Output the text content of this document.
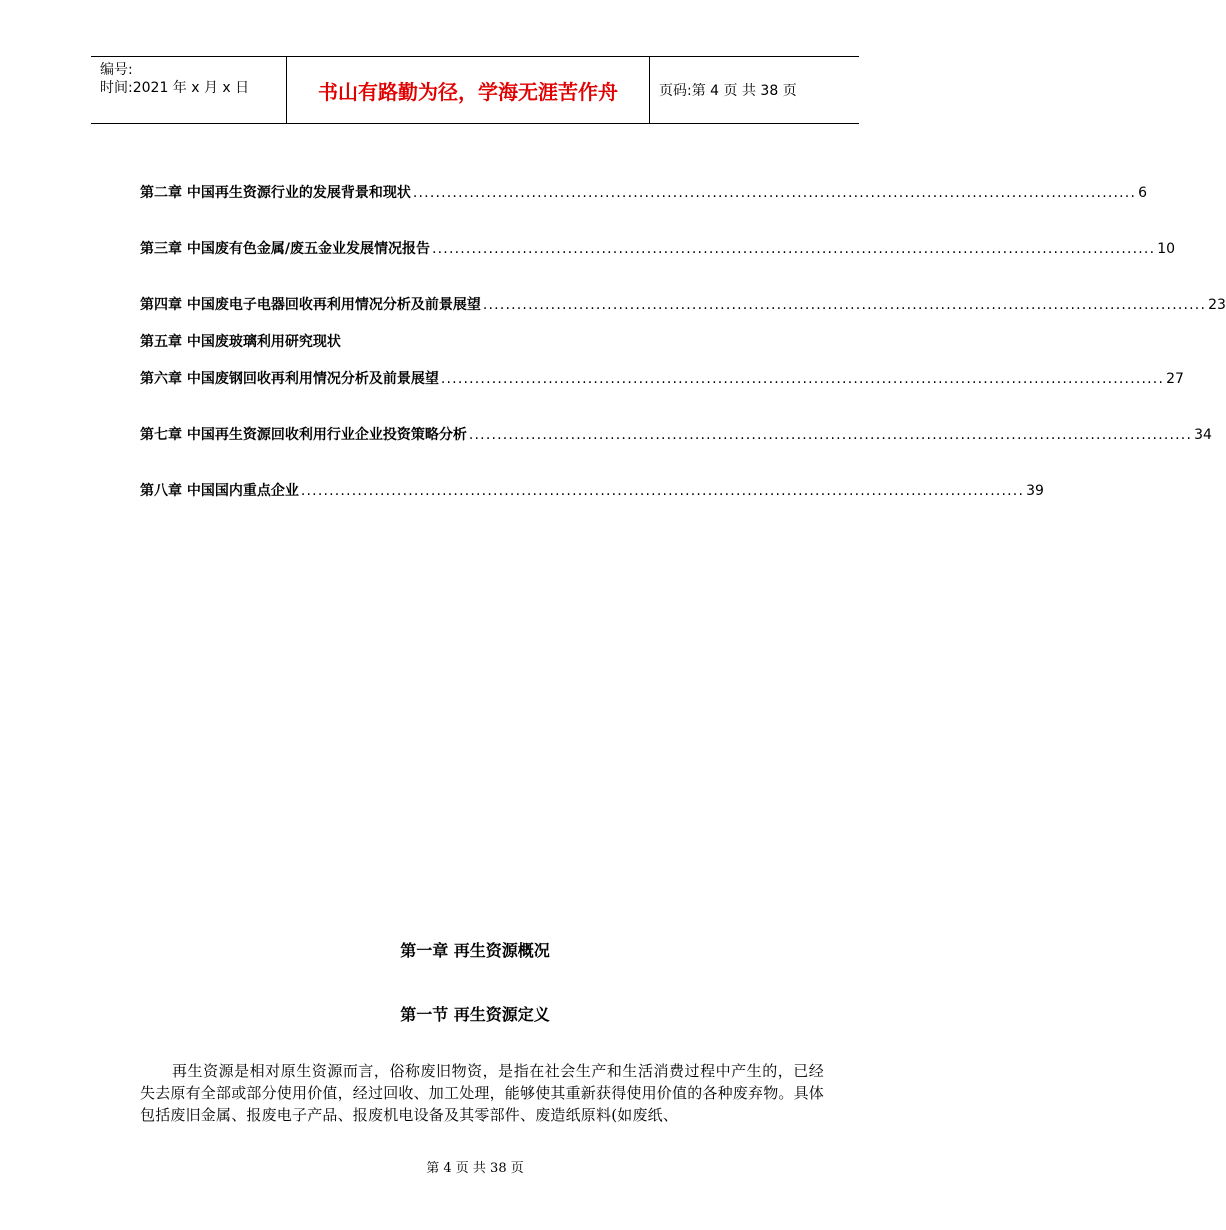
编号:
时间:2021 年 x 月 x 日	书山有路勤为径，学海无涯苦作舟	页码:第 4 页 共 38 页
第二章 中国再生资源行业的发展背景和现状 ................................................................................................................................ 6
第三章 中国废有色金属/废五金业发展情况报告 ................................................................................................................................ 10
第四章 中国废电子电器回收再利用情况分析及前景展望 ................................................................................................................................ 23
第五章 中国废玻璃利用研究现状
第六章 中国废钢回收再利用情况分析及前景展望 ................................................................................................................................ 27
第七章 中国再生资源回收利用行业企业投资策略分析 ................................................................................................................................ 34
第八章 中国国内重点企业 ................................................................................................................................ 39
第一章 再生资源概况
第一节 再生资源定义
再生资源是相对原生资源而言，俗称废旧物资，是指在社会生产和生活消费过程中产生的，已经失去原有全部或部分使用价值，经过回收、加工处理，能够使其重新获得使用价值的各种废弃物。具体包括废旧金属、报废电子产品、报废机电设备及其零部件、废造纸原料(如废纸、
第 4 页 共 38 页
